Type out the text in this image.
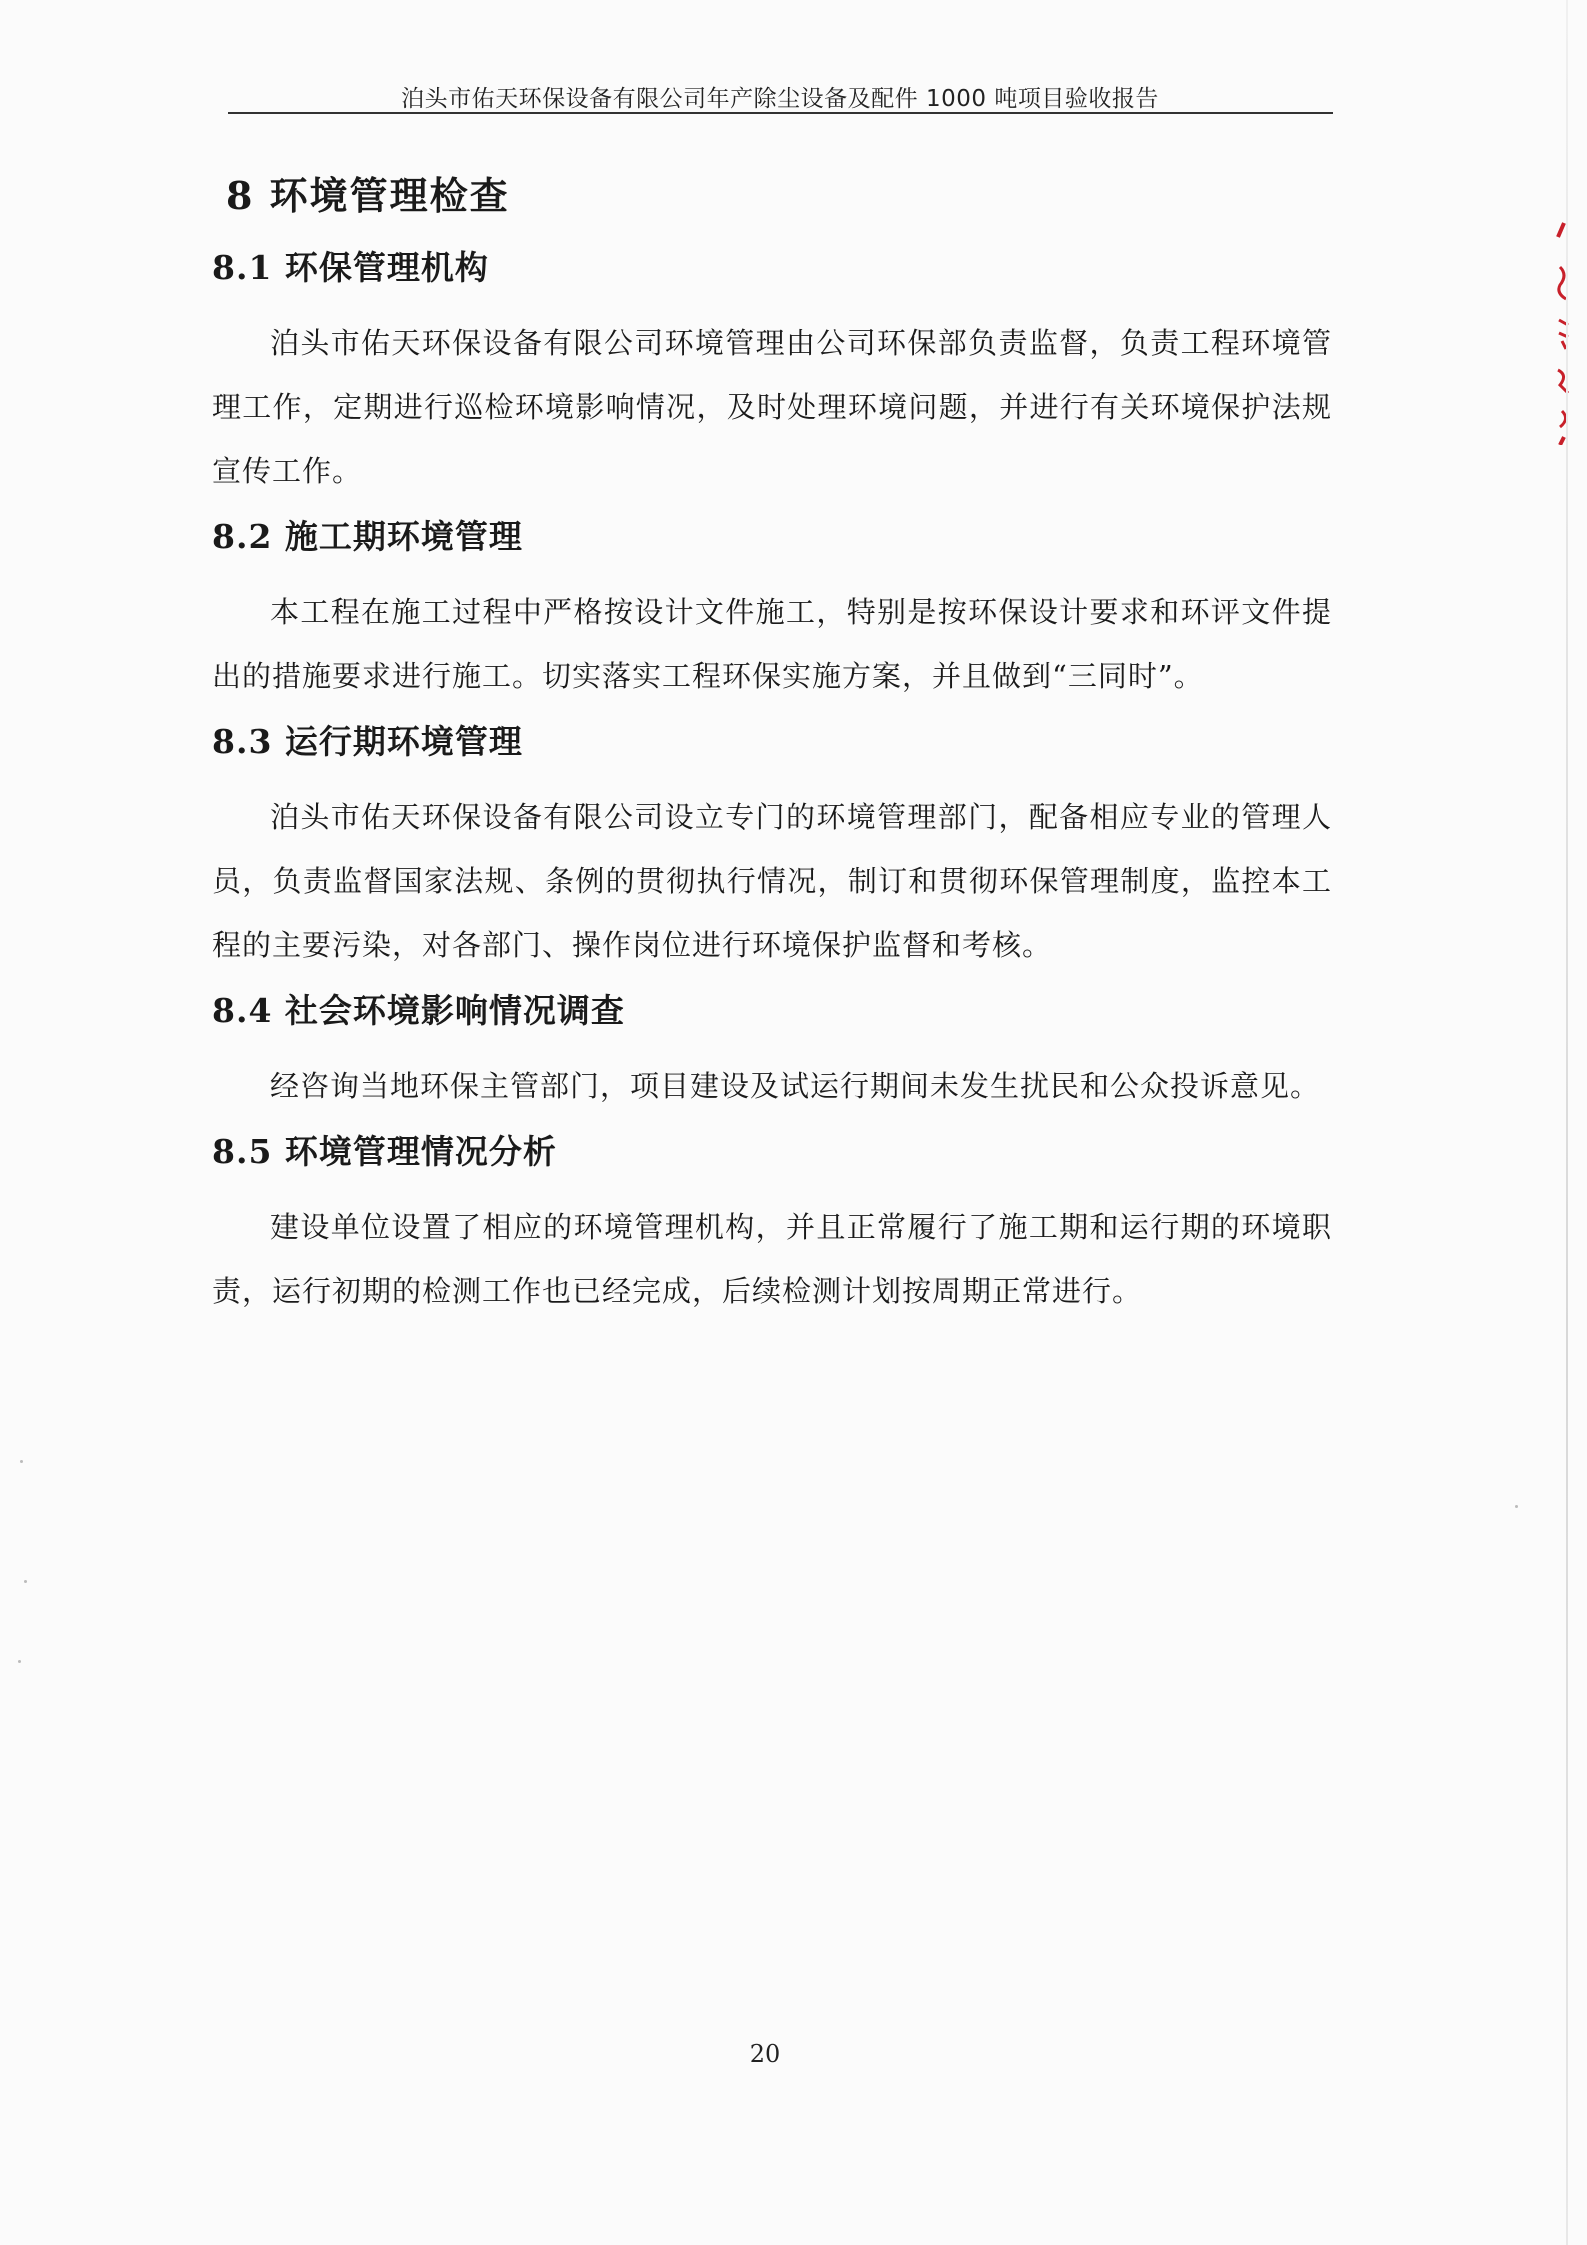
泊头市佑天环保设备有限公司年产除尘设备及配件 1000 吨项目验收报告
8 环境管理检查
8.1 环保管理机构

泊头市佑天环保设备有限公司环境管理由公司环保部负责监督，负责工程环境管理工作，定期进行巡检环境影响情况，及时处理环境问题，并进行有关环境保护法规宣传工作。

8.2 施工期环境管理

本工程在施工过程中严格按设计文件施工，特别是按环保设计要求和环评文件提出的措施要求进行施工。切实落实工程环保实施方案，并且做到“三同时”。

8.3 运行期环境管理

泊头市佑天环保设备有限公司设立专门的环境管理部门，配备相应专业的管理人员，负责监督国家法规、条例的贯彻执行情况，制订和贯彻环保管理制度，监控本工程的主要污染，对各部门、操作岗位进行环境保护监督和考核。

8.4 社会环境影响情况调查

经咨询当地环保主管部门，项目建设及试运行期间未发生扰民和公众投诉意见。

8.5 环境管理情况分析

建设单位设置了相应的环境管理机构，并且正常履行了施工期和运行期的环境职责，运行初期的检测工作也已经完成，后续检测计划按周期正常进行。

20
